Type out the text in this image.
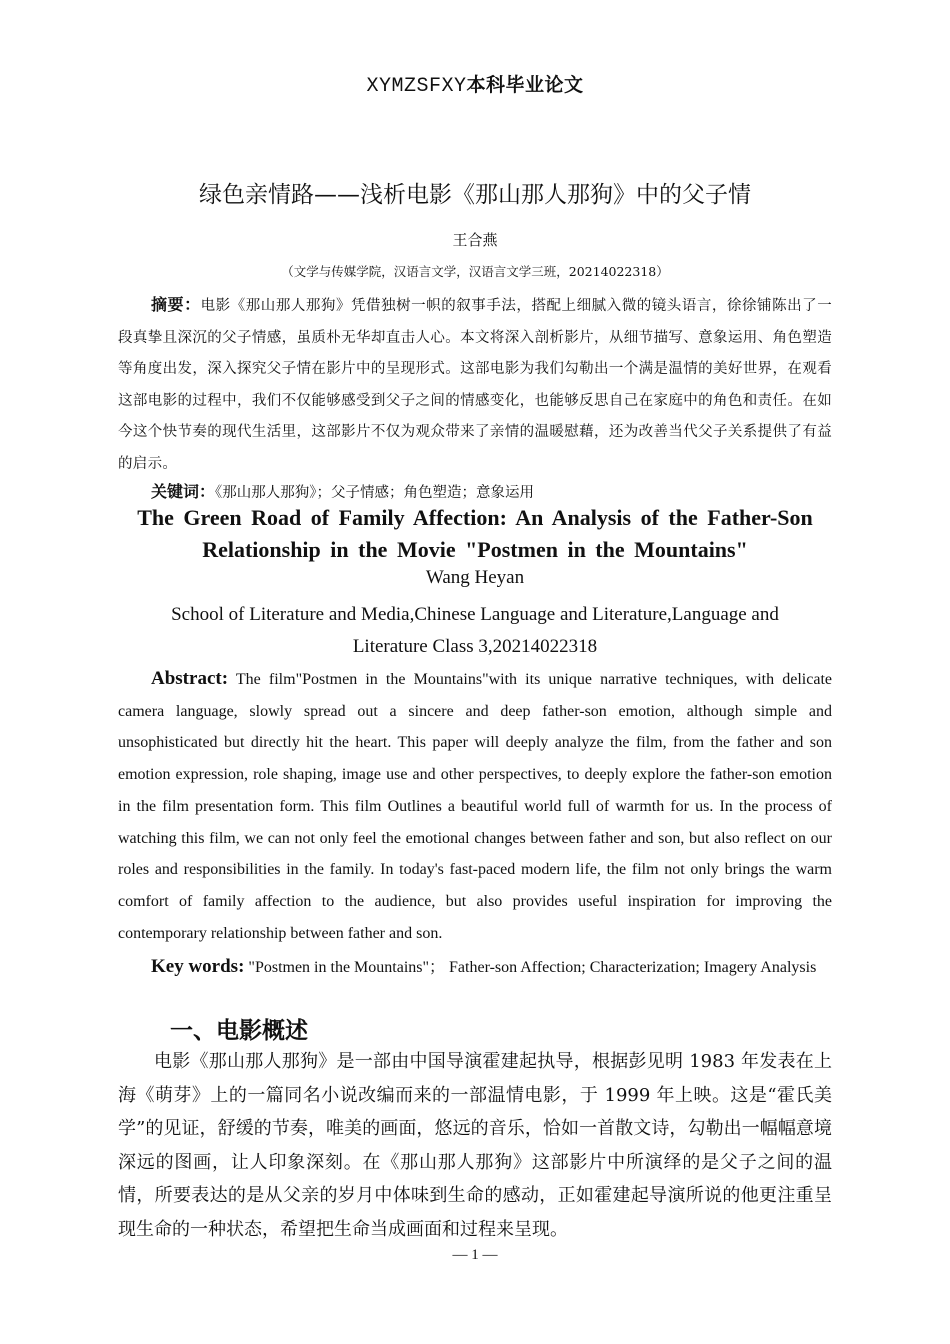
XYMZSFXY本科毕业论文
绿色亲情路——浅析电影《那山那人那狗》中的父子情
王合燕
（文学与传媒学院，汉语言文学，汉语言文学三班，20214022318）
摘要：电影《那山那人那狗》凭借独树一帜的叙事手法，搭配上细腻入微的镜头语言，徐徐铺陈出了一段真挚且深沉的父子情感，虽质朴无华却直击人心。本文将深入剖析影片，从细节描写、意象运用、角色塑造等角度出发，深入探究父子情在影片中的呈现形式。这部电影为我们勾勒出一个满是温情的美好世界，在观看这部电影的过程中，我们不仅能够感受到父子之间的情感变化，也能够反思自己在家庭中的角色和责任。在如今这个快节奏的现代生活里，这部影片不仅为观众带来了亲情的温暖慰藉，还为改善当代父子关系提供了有益的启示。
关键词：《那山那人那狗》；父子情感；角色塑造；意象运用
The Green Road of Family Affection: An Analysis of the Father-Son Relationship in the Movie "Postmen in the Mountains"
Wang Heyan
School of Literature and Media,Chinese Language and Literature,Language and Literature Class 3,20214022318
Abstract: The film"Postmen in the Mountains"with its unique narrative techniques, with delicate camera language, slowly spread out a sincere and deep father-son emotion, although simple and unsophisticated but directly hit the heart. This paper will deeply analyze the film, from the father and son emotion expression, role shaping, image use and other perspectives, to deeply explore the father-son emotion in the film presentation form. This film Outlines a beautiful world full of warmth for us. In the process of watching this film, we can not only feel the emotional changes between father and son, but also reflect on our roles and responsibilities in the family. In today's fast-paced modern life, the film not only brings the warm comfort of family affection to the audience, but also provides useful inspiration for improving the contemporary relationship between father and son.
Key words: "Postmen in the Mountains"； Father-son Affection; Characterization; Imagery Analysis
一、电影概述
电影《那山那人那狗》是一部由中国导演霍建起执导，根据彭见明 1983 年发表在上海《萌芽》上的一篇同名小说改编而来的一部温情电影，于 1999 年上映。这是“霍氏美学”的见证，舒缓的节奏，唯美的画面，悠远的音乐，恰如一首散文诗，勾勒出一幅幅意境深远的图画，让人印象深刻。在《那山那人那狗》这部影片中所演绎的是父子之间的温情，所要表达的是从父亲的岁月中体味到生命的感动，正如霍建起导演所说的他更注重呈现生命的一种状态，希望把生命当成画面和过程来呈现。
— 1 —
